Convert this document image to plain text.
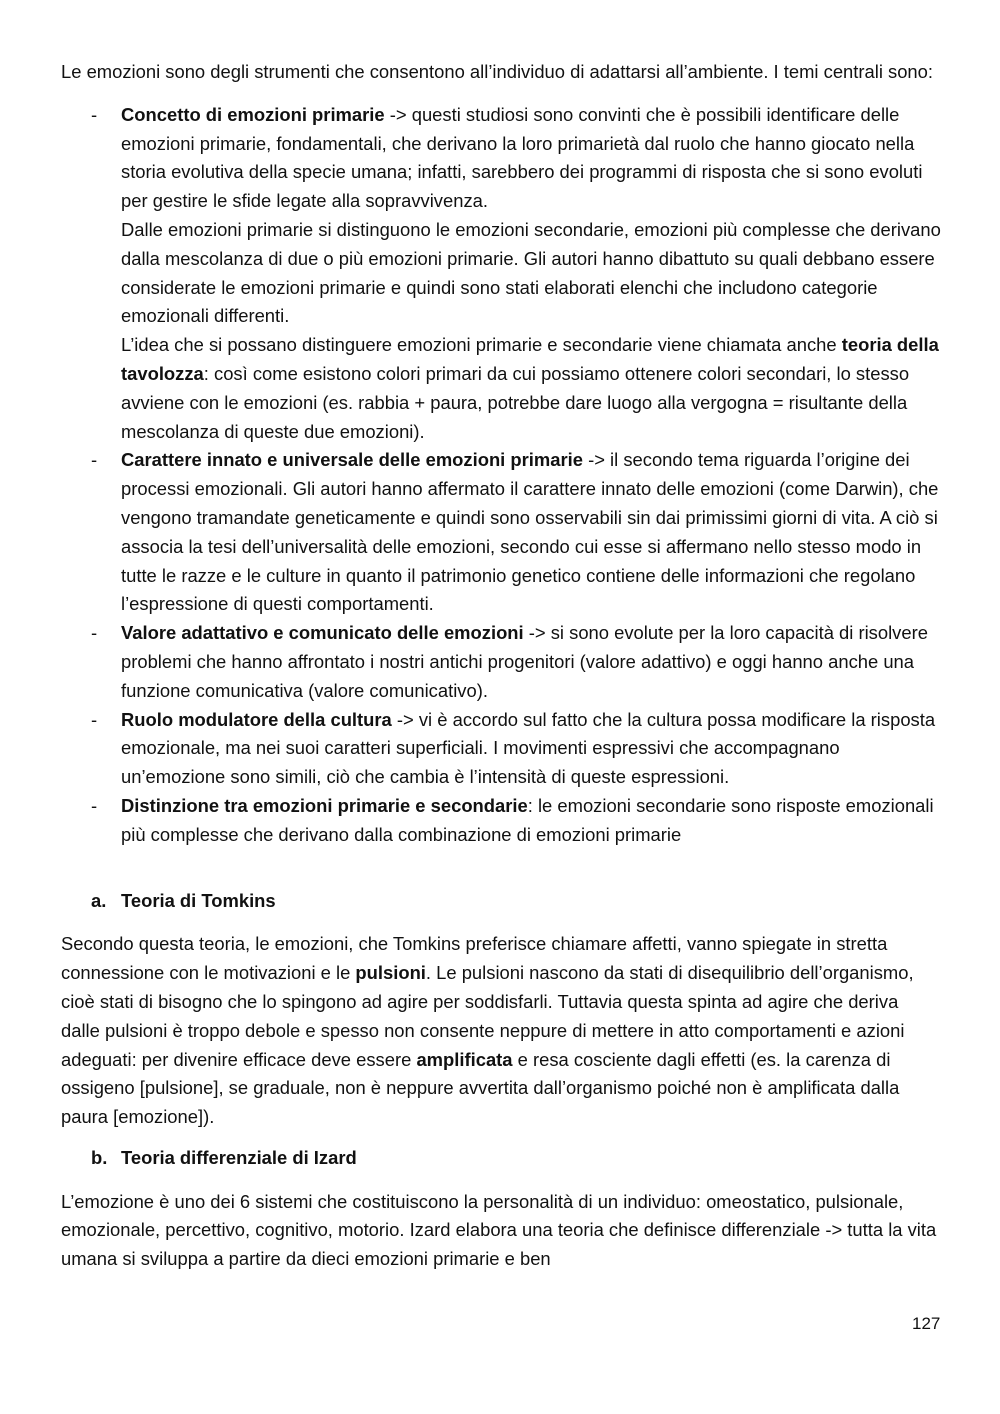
Le emozioni sono degli strumenti che consentono all’individuo di adattarsi all’ambiente. I temi centrali sono:

- Concetto di emozioni primarie -> questi studiosi sono convinti che è possibili identificare delle emozioni primarie, fondamentali, che derivano la loro primarietà dal ruolo che hanno giocato nella storia evolutiva della specie umana; infatti, sarebbero dei programmi di risposta che si sono evoluti per gestire le sfide legate alla sopravvivenza.

Dalle emozioni primarie si distinguono le emozioni secondarie, emozioni più complesse che derivano dalla mescolanza di due o più emozioni primarie. Gli autori hanno dibattuto su quali debbano essere considerate le emozioni primarie e quindi sono stati elaborati elenchi che includono categorie emozionali differenti.

L’idea che si possano distinguere emozioni primarie e secondarie viene chiamata anche teoria della tavolozza: così come esistono colori primari da cui possiamo ottenere colori secondari, lo stesso avviene con le emozioni (es. rabbia + paura, potrebbe dare luogo alla vergogna = risultante della mescolanza di queste due emozioni).

- Carattere innato e universale delle emozioni primarie -> il secondo tema riguarda l’origine dei processi emozionali. Gli autori hanno affermato il carattere innato delle emozioni (come Darwin), che vengono tramandate geneticamente e quindi sono osservabili sin dai primissimi giorni di vita. A ciò si associa la tesi dell’universalità delle emozioni, secondo cui esse si affermano nello stesso modo in tutte le razze e le culture in quanto il patrimonio genetico contiene delle informazioni che regolano l’espressione di questi comportamenti.

- Valore adattativo e comunicato delle emozioni -> si sono evolute per la loro capacità di risolvere problemi che hanno affrontato i nostri antichi progenitori (valore adattivo) e oggi hanno anche una funzione comunicativa (valore comunicativo).

- Ruolo modulatore della cultura -> vi è accordo sul fatto che la cultura possa modificare la risposta emozionale, ma nei suoi caratteri superficiali. I movimenti espressivi che accompagnano un’emozione sono simili, ciò che cambia è l’intensità di queste espressioni.

- Distinzione tra emozioni primarie e secondarie: le emozioni secondarie sono risposte emozionali più complesse che derivano dalla combinazione di emozioni primarie

a. Teoria di Tomkins

Secondo questa teoria, le emozioni, che Tomkins preferisce chiamare affetti, vanno spiegate in stretta connessione con le motivazioni e le pulsioni. Le pulsioni nascono da stati di disequilibrio dell’organismo, cioè stati di bisogno che lo spingono ad agire per soddisfarli. Tuttavia questa spinta ad agire che deriva dalle pulsioni è troppo debole e spesso non consente neppure di mettere in atto comportamenti e azioni adeguati: per divenire efficace deve essere amplificata e resa cosciente dagli effetti (es. la carenza di ossigeno [pulsione], se graduale, non è neppure avvertita dall’organismo poiché non è amplificata dalla paura [emozione]).

b. Teoria differenziale di Izard

L’emozione è uno dei 6 sistemi che costituiscono la personalità di un individuo: omeostatico, pulsionale, emozionale, percettivo, cognitivo, motorio. Izard elabora una teoria che definisce differenziale -> tutta la vita umana si sviluppa a partire da dieci emozioni primarie e ben

127
